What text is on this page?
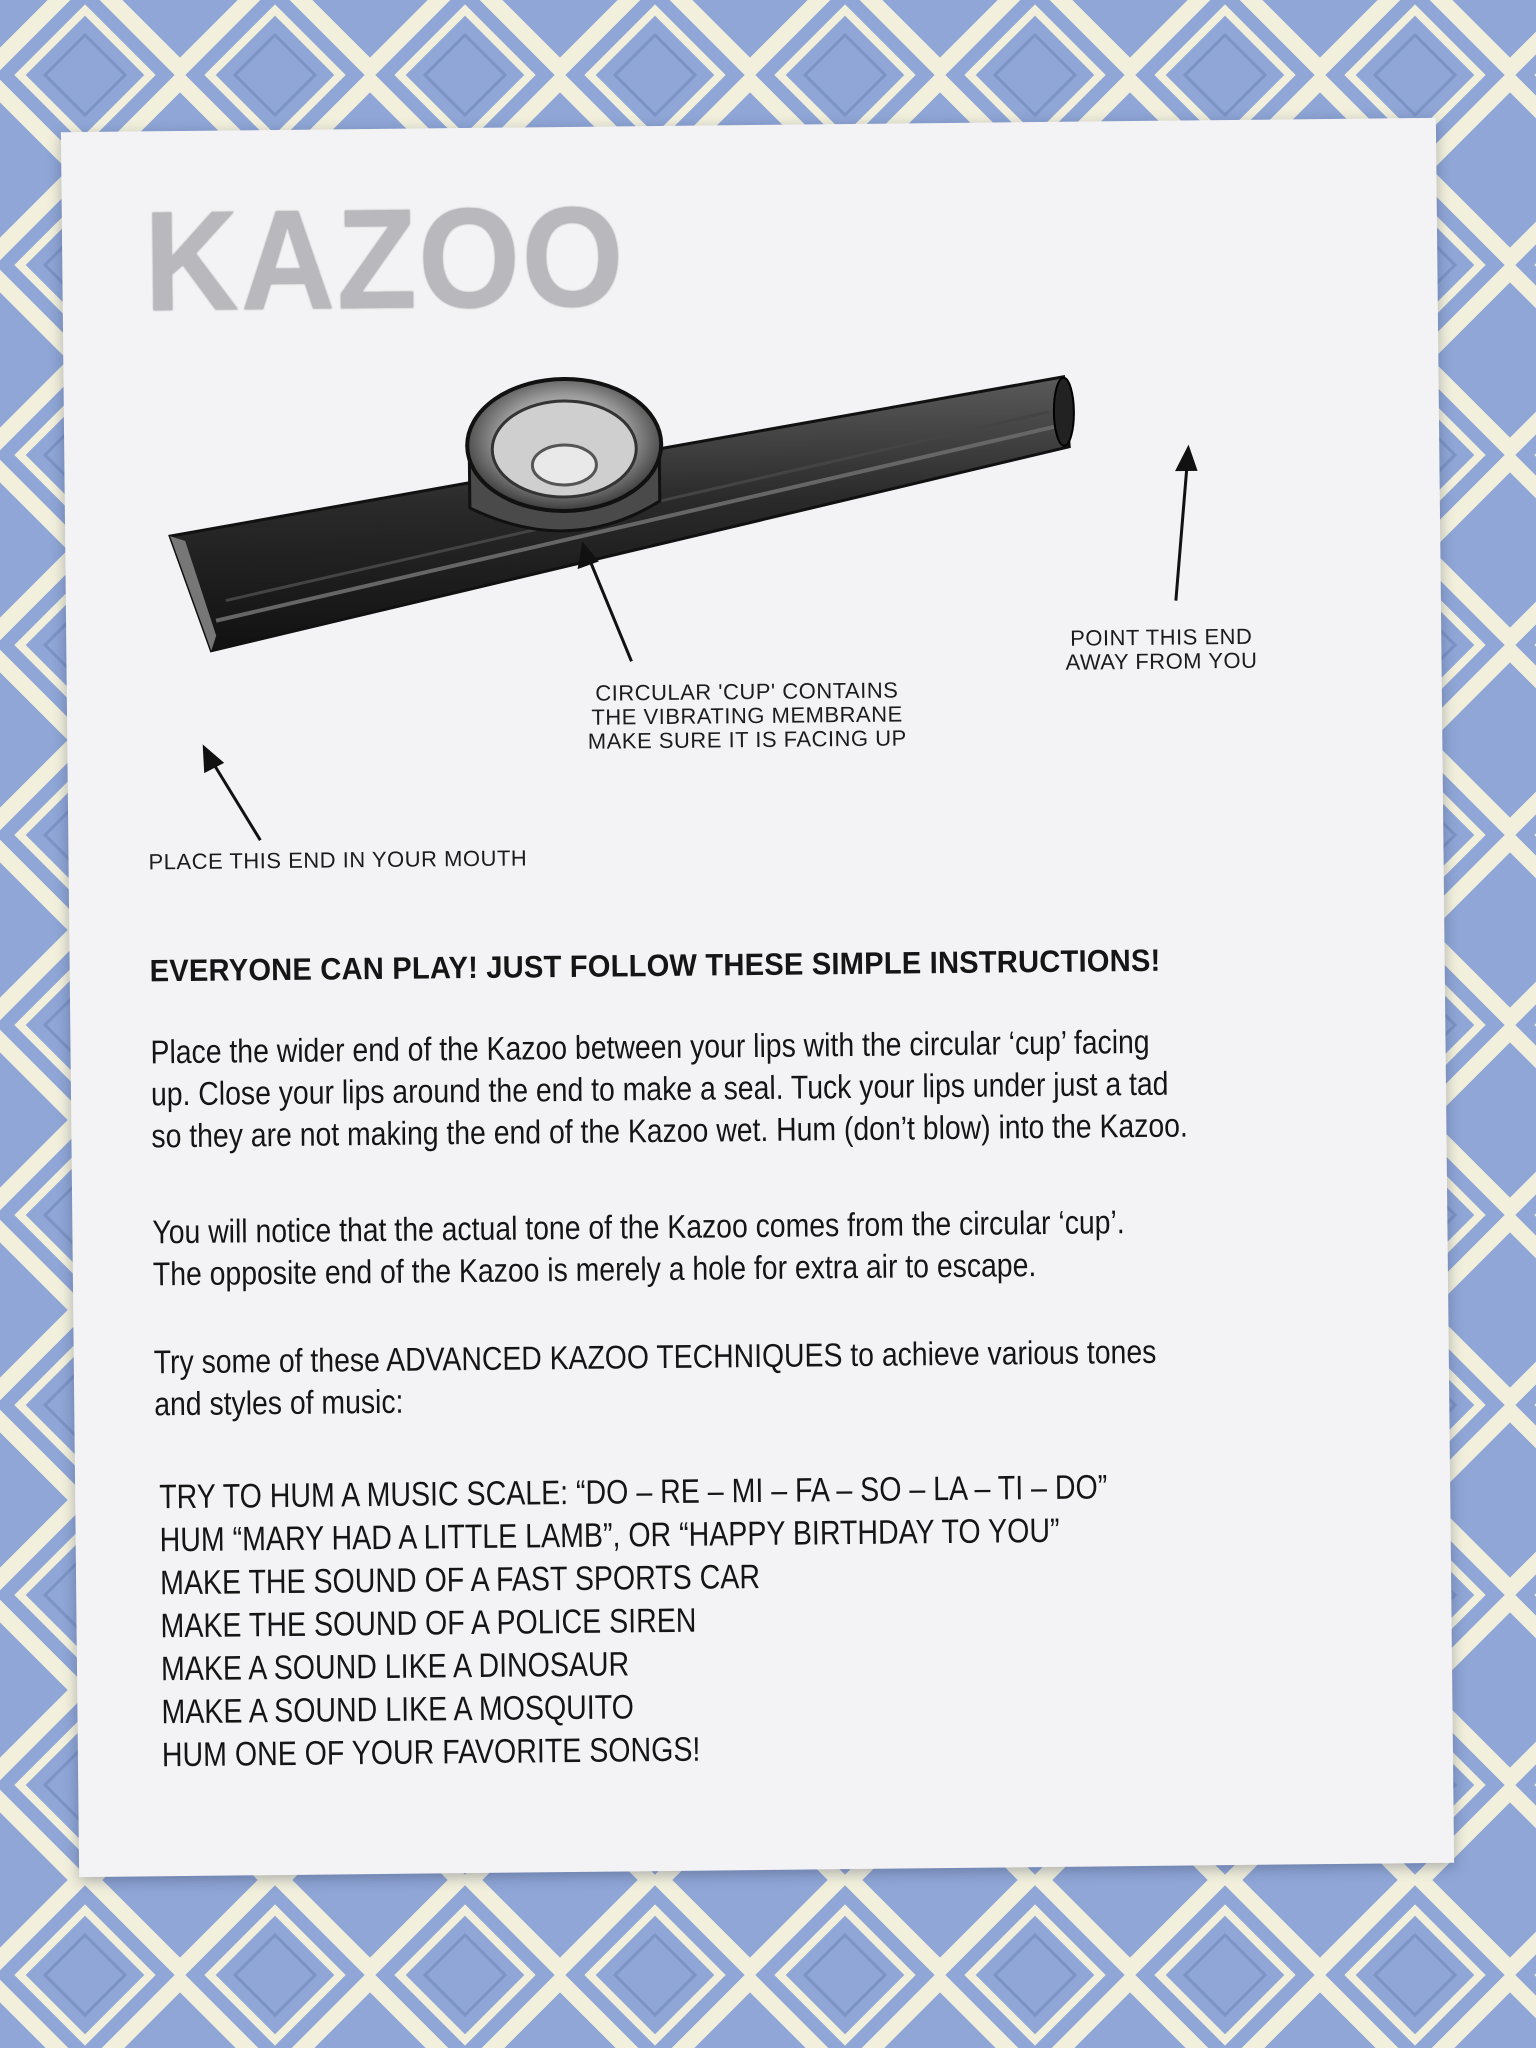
KAZOO

CIRCULAR 'CUP' CONTAINS
THE VIBRATING MEMBRANE
MAKE SURE IT IS FACING UP

POINT THIS END
AWAY FROM YOU

PLACE THIS END IN YOUR MOUTH

EVERYONE CAN PLAY! JUST FOLLOW THESE SIMPLE INSTRUCTIONS!

Place the wider end of the Kazoo between your lips with the circular ‘cup’ facing
up. Close your lips around the end to make a seal. Tuck your lips under just a tad
so they are not making the end of the Kazoo wet. Hum (don’t blow) into the Kazoo.

You will notice that the actual tone of the Kazoo comes from the circular ‘cup’.
The opposite end of the Kazoo is merely a hole for extra air to escape.

Try some of these ADVANCED KAZOO TECHNIQUES to achieve various tones
and styles of music:

TRY TO HUM A MUSIC SCALE: “DO – RE – MI – FA – SO – LA – TI – DO”
HUM “MARY HAD A LITTLE LAMB”, OR “HAPPY BIRTHDAY TO YOU”
MAKE THE SOUND OF A FAST SPORTS CAR
MAKE THE SOUND OF A POLICE SIREN
MAKE A SOUND LIKE A DINOSAUR
MAKE A SOUND LIKE A MOSQUITO
HUM ONE OF YOUR FAVORITE SONGS!
